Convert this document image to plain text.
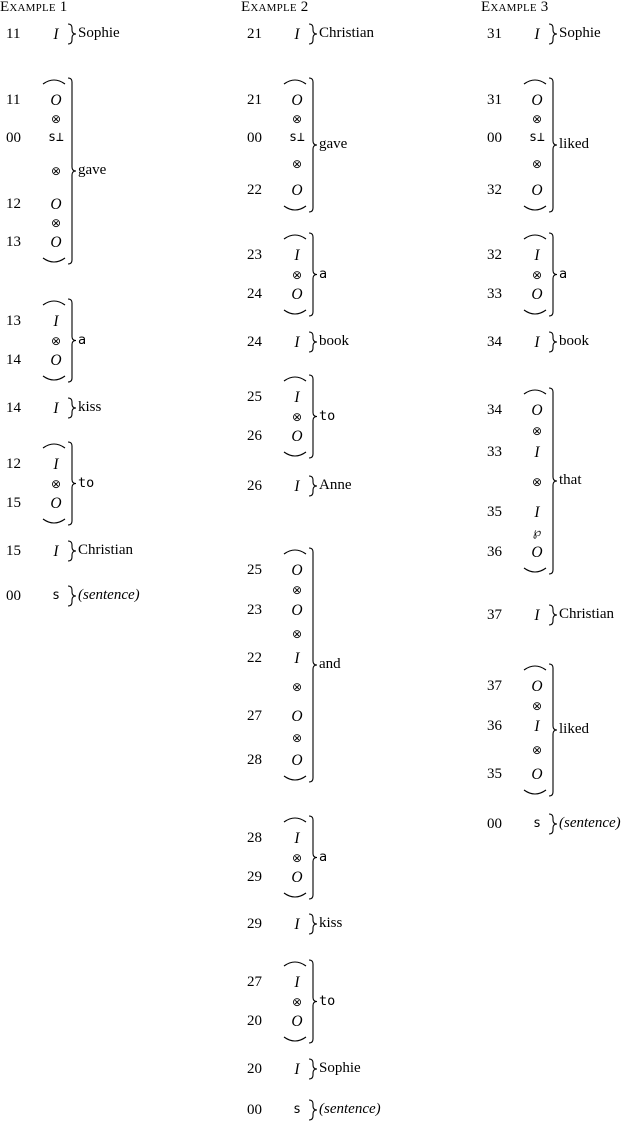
Example 1
11	I	Sophie
11	O
⊗
00	s⊥
⊗
12	O
⊗
13	O
gave
13	I
⊗
14	O
a
14	I	kiss
12	I
⊗
15	O
to
15	I	Christian
00	s	(sentence)
Example 2
21	I	Christian
21	O
⊗
00	s⊥
⊗
22	O
gave
23	I
⊗
24	O
a
24	I	book
25	I
⊗
26	O
to
26	I	Anne
25	O
⊗
23	O
⊗
22	I
⊗
27	O
⊗
28	O
and
28	I
⊗
29	O
a
29	I	kiss
27	I
⊗
20	O
to
20	I	Sophie
00	s	(sentence)
Example 3
31	I	Sophie
31	O
⊗
00	s⊥
⊗
32	O
liked
32	I
⊗
33	O
a
34	I	book
34	O
⊗
33	I
⊗
35	I
℘
36	O
that
37	I	Christian
37	O
⊗
36	I
⊗
35	O
liked
00	s	(sentence)
